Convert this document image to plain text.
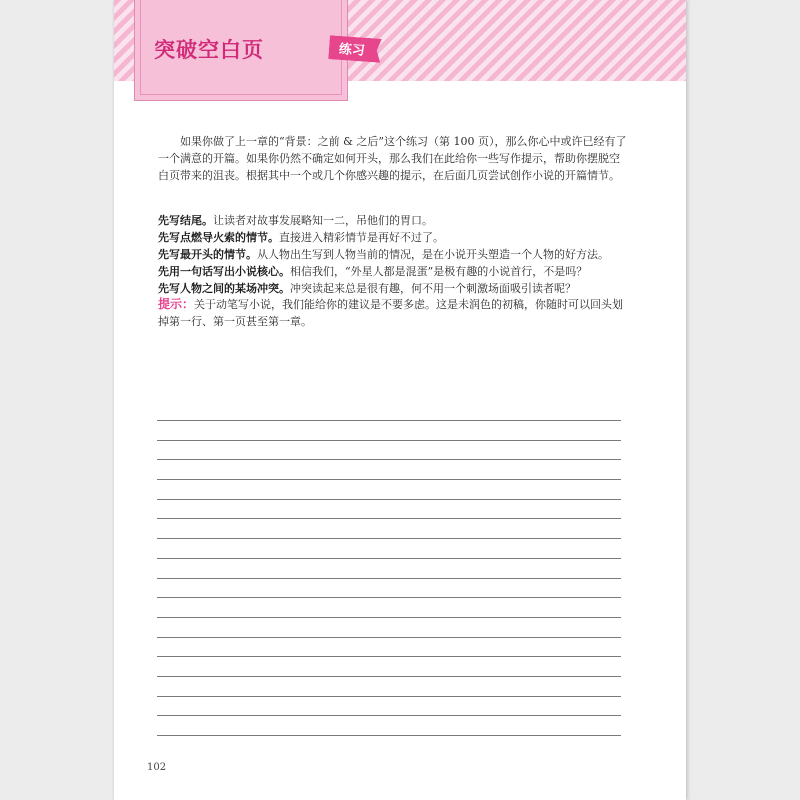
突破空白页	练习
如果你做了上一章的“背景：之前 & 之后”这个练习（第 100 页），那么你心中或许已经有了一个满意的开篇。如果你仍然不确定如何开头，那么我们在此给你一些写作提示，帮助你摆脱空白页带来的沮丧。根据其中一个或几个你感兴趣的提示，在后面几页尝试创作小说的开篇情节。

先写结尾。让读者对故事发展略知一二，吊他们的胃口。

先写点燃导火索的情节。直接进入精彩情节是再好不过了。

先写最开头的情节。从人物出生写到人物当前的情况，是在小说开头塑造一个人物的好方法。

先用一句话写出小说核心。相信我们，“外星人都是混蛋”是极有趣的小说首行，不是吗？

先写人物之间的某场冲突。冲突读起来总是很有趣，何不用一个刺激场面吸引读者呢？

提示：关于动笔写小说，我们能给你的建议是不要多虑。这是未润色的初稿，你随时可以回头划掉第一行、第一页甚至第一章。
102
